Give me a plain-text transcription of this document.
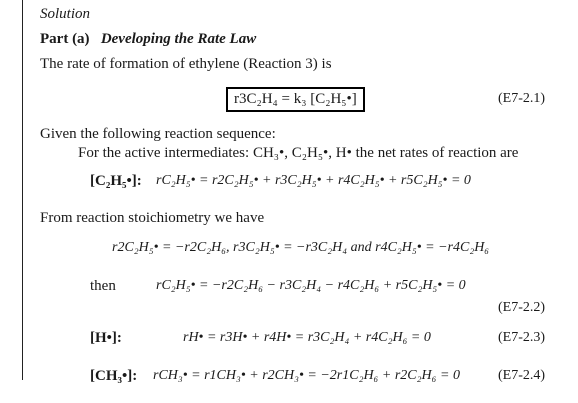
Solution
Part (a) Developing the Rate Law
The rate of formation of ethylene (Reaction 3) is
r3C₂H₄ = k₃ [C₂H₅•]	(E7-2.1)
Given the following reaction sequence:
For the active intermediates: CH₃•, C₂H₅•, H• the net rates of reaction are
[C₂H₅•]: rC₂H₅• = r2C₂H₅• + r3C₂H₅• + r4C₂H₅• + r5C₂H₅• = 0
From reaction stoichiometry we have
r2C₂H₅• = −r2C₂H₆, r3C₂H₅• = −r3C₂H₄ and r4C₂H₅• = −r4C₂H₆
then	rC₂H₅• = −r2C₂H₆ − r3C₂H₄ − r4C₂H₆ + r5C₂H₅• = 0
(E7-2.2)
[H•]:	rH• = r3H• + r4H• = r3C₂H₄ + r4C₂H₆ = 0	(E7-2.3)
[CH₃•]: rCH₃• = r1CH₃• + r2CH₃• = −2r1C₂H₆ + r2C₂H₆ = 0	(E7-2.4)
